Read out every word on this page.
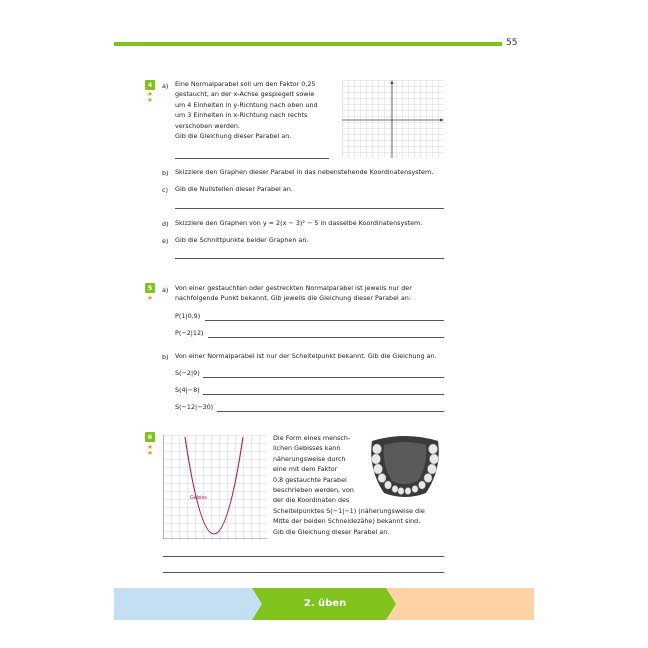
55
4
★
★
a) Eine Normalparabel soll um den Faktor 0,25
gestaucht, an der x-Achse gespiegelt sowie
um 4 Einheiten in y-Richtung nach oben und
um 3 Einheiten in x-Richtung nach rechts
verschoben werden.
Gib die Gleichung dieser Parabel an.
b) Skizziere den Graphen dieser Parabel in das nebenstehende Koordinatensystem.
c) Gib die Nullstellen dieser Parabel an.
d) Skizziere den Graphen von y = 2(x − 3)² − 5 in dasselbe Koordinatensystem.
e) Gib die Schnittpunkte beider Graphen an.
5
★
a) Von einer gestauchten oder gestreckten Normalparabel ist jeweils nur der
nachfolgende Punkt bekannt. Gib jeweils die Gleichung dieser Parabel an:
P(1|0,9)
P(−2|12)
b) Von einer Normalparabel ist nur der Scheitelpunkt bekannt. Gib die Gleichung an.
S(−2|9)
S(4|−8)
S(−12|−30)
6
★
★
Gebiss
Die Form eines mensch-
lichen Gebisses kann
näherungsweise durch
eine mit dem Faktor
0,8 gestauchte Parabel
beschrieben werden, von
der die Koordinaten des
Scheitelpunktes S(−1|−1) (näherungsweise die
Mitte der beiden Schneidezähe) bekannt sind.
Gib die Gleichung dieser Parabel an.
2. üben
